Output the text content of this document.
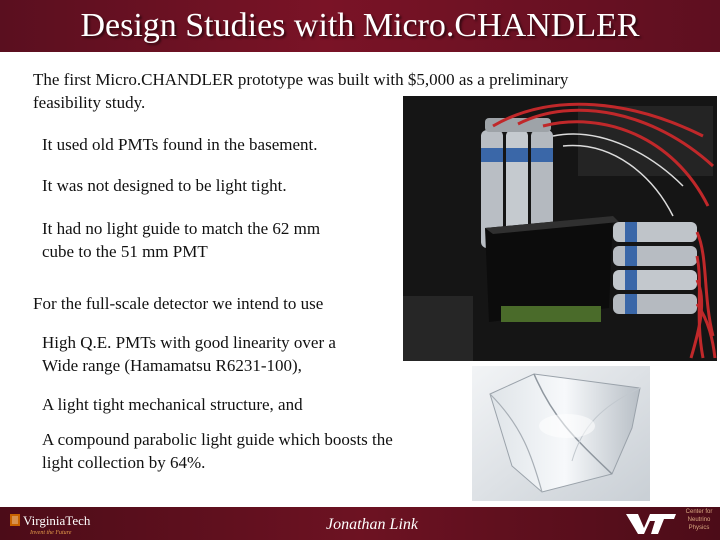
Design Studies with Micro.CHANDLER
The first Micro.CHANDLER prototype was built with $5,000 as a preliminary
feasibility study.
It used old PMTs found in the basement.
It was not designed to be light tight.
It had no light guide to match the 62 mm
cube to the 51 mm PMT
For the full-scale detector we intend to use
High Q.E. PMTs with good linearity over a
Wide range (Hamamatsu R6231-100),
A light tight mechanical structure, and
A compound parabolic light guide which boosts the
light collection by 64%.
VirginiaTech
Invent the Future	Jonathan Link
Center for
Neutrino
Physics
